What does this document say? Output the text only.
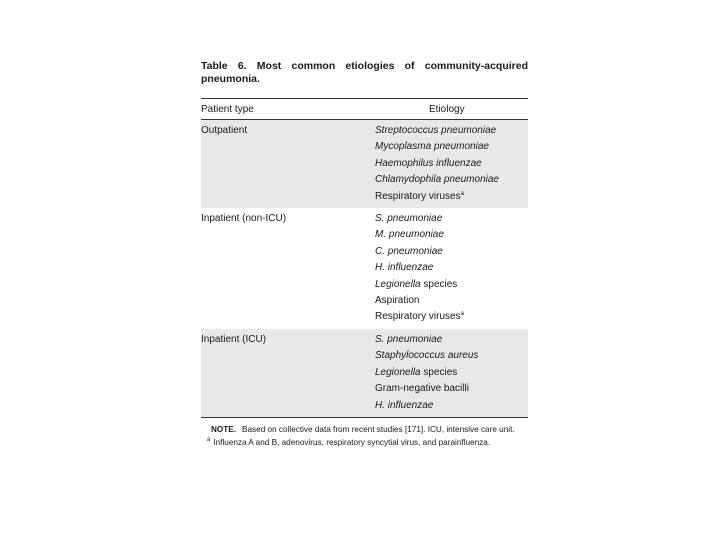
Table 6. Most common etiologies of community-acquired pneumonia.

Patient type	Etiology
Outpatient	Streptococcus pneumoniae
Mycoplasma pneumoniae
Haemophilus influenzae
Chlamydophila pneumoniae
Respiratory viruses$^a$
Inpatient (non-ICU)	S. pneumoniae
M. pneumoniae
C. pneumoniae
H. influenzae
Legionella species
Aspiration
Respiratory viruses$^a$
Inpatient (ICU)	S. pneumoniae
Staphylococcus aureus
Legionella species
Gram-negative bacilli
H. influenzae

NOTE. Based on collective data from recent studies [171]. ICU, intensive care unit.

$^a$ Influenza A and B, adenovirus, respiratory syncytial virus, and parainfluenza.
